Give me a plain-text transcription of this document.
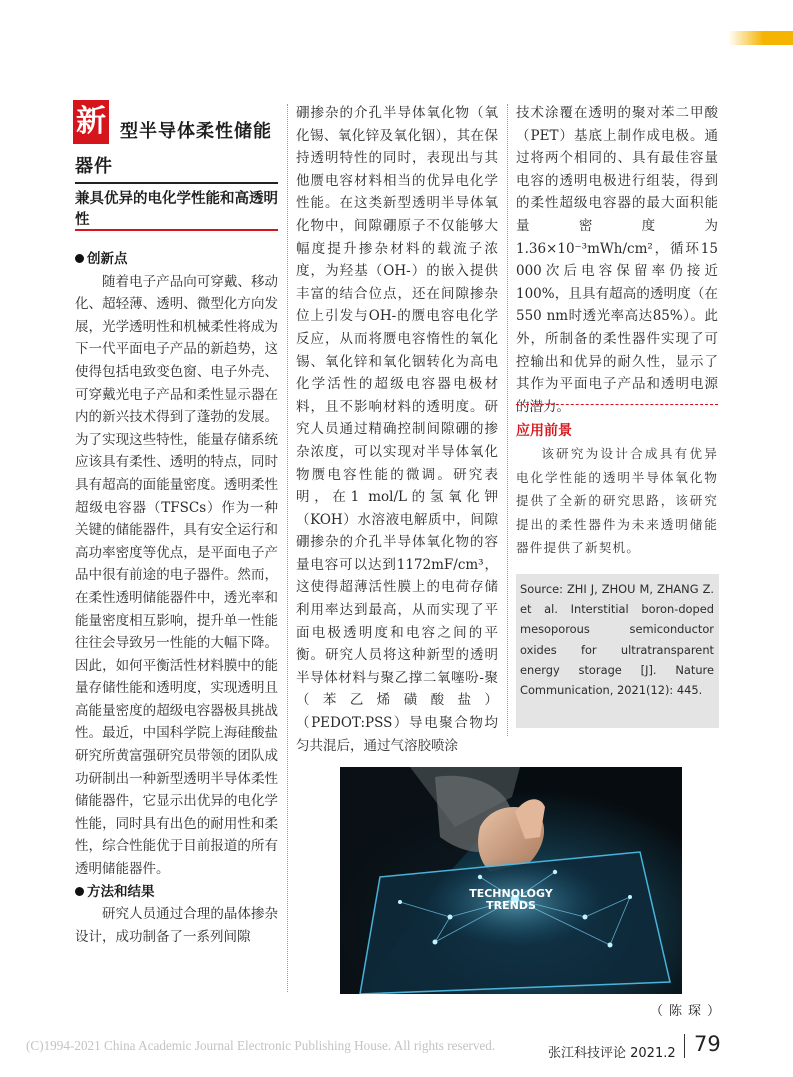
新 型半导体柔性储能
器件
兼具优异的电化学性能和高透明性
创新点

随着电子产品向可穿戴、移动化、超轻薄、透明、微型化方向发展，光学透明性和机械柔性将成为下一代平面电子产品的新趋势，这使得包括电致变色窗、电子外壳、可穿戴光电子产品和柔性显示器在内的新兴技术得到了蓬勃的发展。为了实现这些特性，能量存储系统应该具有柔性、透明的特点，同时具有超高的面能量密度。透明柔性超级电容器（TFSCs）作为一种关键的储能器件，具有安全运行和高功率密度等优点，是平面电子产品中很有前途的电子器件。然而，在柔性透明储能器件中，透光率和能量密度相互影响，提升单一性能往往会导致另一性能的大幅下降。因此，如何平衡活性材料膜中的能量存储性能和透明度，实现透明且高能量密度的超级电容器极具挑战性。最近，中国科学院上海硅酸盐研究所黄富强研究员带领的团队成功研制出一种新型透明半导体柔性储能器件，它显示出优异的电化学性能，同时具有出色的耐用性和柔性，综合性能优于目前报道的所有透明储能器件。

方法和结果

研究人员通过合理的晶体掺杂设计，成功制备了一系列间隙

硼掺杂的介孔半导体氧化物（氧化锡、氧化锌及氧化铟），其在保持透明特性的同时，表现出与其他赝电容材料相当的优异电化学性能。在这类新型透明半导体氧化物中，间隙硼原子不仅能够大幅度提升掺杂材料的载流子浓度，为羟基（OH-）的嵌入提供丰富的结合位点，还在间隙掺杂位上引发与OH-的赝电容电化学反应，从而将赝电容惰性的氧化锡、氧化锌和氧化铟转化为高电化学活性的超级电容器电极材料，且不影响材料的透明度。研究人员通过精确控制间隙硼的掺杂浓度，可以实现对半导体氧化物赝电容性能的微调。研究表明，在1 mol/L的氢氧化钾（KOH）水溶液电解质中，间隙硼掺杂的介孔半导体氧化物的容量电容可以达到1172mF/cm³，这使得超薄活性膜上的电荷存储利用率达到最高，从而实现了平面电极透明度和电容之间的平衡。研究人员将这种新型的透明半导体材料与聚乙撑二氧噻吩-聚（苯乙烯磺酸盐）（PEDOT:PSS）导电聚合物均匀共混后，通过气溶胶喷涂

技术涂覆在透明的聚对苯二甲酸（PET）基底上制作成电极。通过将两个相同的、具有最佳容量电容的透明电极进行组装，得到的柔性超级电容器的最大面积能量密度为1.36×10⁻³mWh/cm²，循环15 000次后电容保留率仍接近100%，且具有超高的透明度（在550 nm时透光率高达85%）。此外，所制备的柔性器件实现了可控输出和优异的耐久性，显示了其作为平面电子产品和透明电源的潜力。

应用前景

该研究为设计合成具有优异电化学性能的透明半导体氧化物提供了全新的研究思路，该研究提出的柔性器件为未来透明储能器件提供了新契机。

Source: ZHI J, ZHOU M, ZHANG Z. et al. Interstitial boron-doped mesoporous semiconductor oxides for ultratransparent energy storage [J]. Nature Communication, 2021(12): 445.
TECHNOLOGY
TRENDS
（陈琛）
(C)1994-2021 China Academic Journal Electronic Publishing House. All rights reserved.
张江科技评论 2021.2 79
